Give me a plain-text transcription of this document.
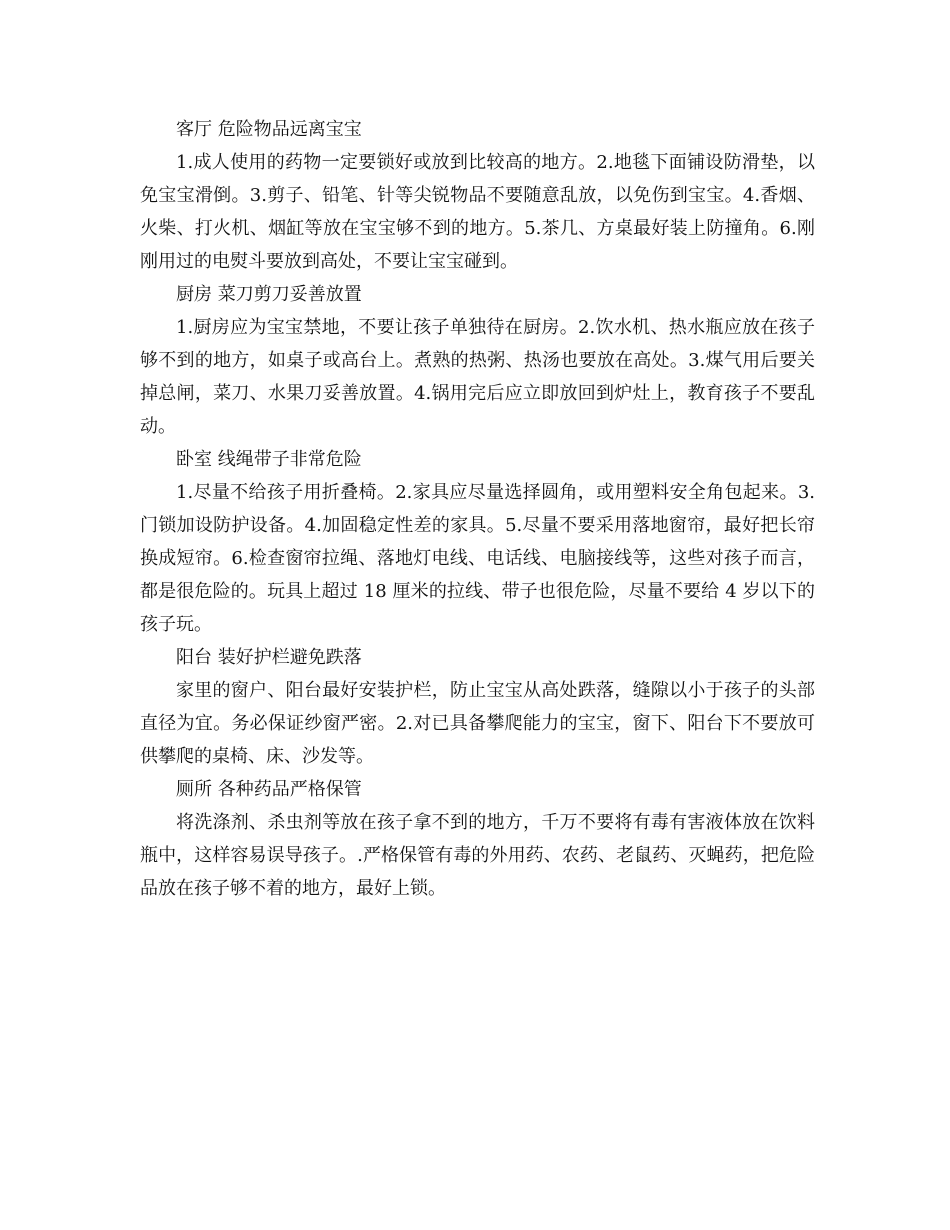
客厅 危险物品远离宝宝

1.成人使用的药物一定要锁好或放到比较高的地方。2.地毯下面铺设防滑垫，以免宝宝滑倒。3.剪子、铅笔、针等尖锐物品不要随意乱放，以免伤到宝宝。4.香烟、火柴、打火机、烟缸等放在宝宝够不到的地方。5.茶几、方桌最好装上防撞角。6.刚刚用过的电熨斗要放到高处，不要让宝宝碰到。

厨房 菜刀剪刀妥善放置

1.厨房应为宝宝禁地，不要让孩子单独待在厨房。2.饮水机、热水瓶应放在孩子够不到的地方，如桌子或高台上。煮熟的热粥、热汤也要放在高处。3.煤气用后要关掉总闸，菜刀、水果刀妥善放置。4.锅用完后应立即放回到炉灶上，教育孩子不要乱动。

卧室 线绳带子非常危险

1.尽量不给孩子用折叠椅。2.家具应尽量选择圆角，或用塑料安全角包起来。3.门锁加设防护设备。4.加固稳定性差的家具。5.尽量不要采用落地窗帘，最好把长帘换成短帘。6.检查窗帘拉绳、落地灯电线、电话线、电脑接线等，这些对孩子而言，都是很危险的。玩具上超过 18 厘米的拉线、带子也很危险，尽量不要给 4 岁以下的孩子玩。

阳台 装好护栏避免跌落

家里的窗户、阳台最好安装护栏，防止宝宝从高处跌落，缝隙以小于孩子的头部直径为宜。务必保证纱窗严密。2.对已具备攀爬能力的宝宝，窗下、阳台下不要放可供攀爬的桌椅、床、沙发等。

厕所 各种药品严格保管

将洗涤剂、杀虫剂等放在孩子拿不到的地方，千万不要将有毒有害液体放在饮料瓶中，这样容易误导孩子。.严格保管有毒的外用药、农药、老鼠药、灭蝇药，把危险品放在孩子够不着的地方，最好上锁。
